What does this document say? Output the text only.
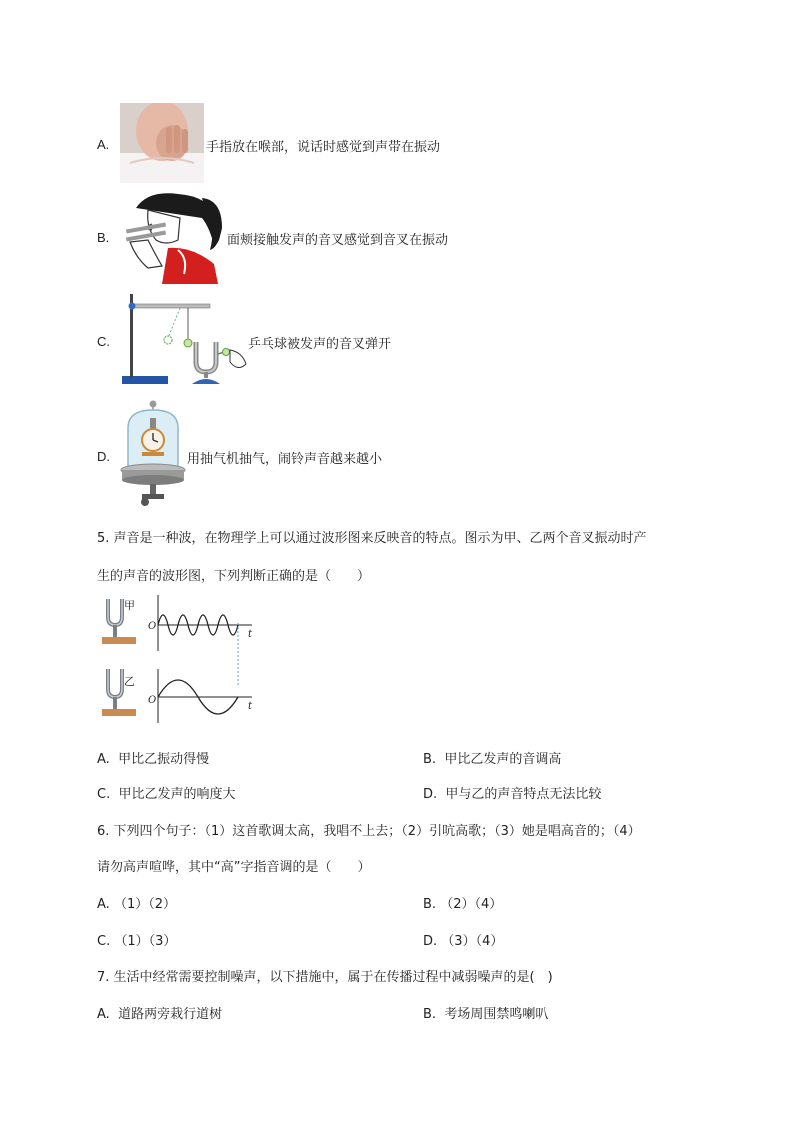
A.	手指放在喉部，说话时感觉到声带在振动
B.	面颊接触发声的音叉感觉到音叉在振动
C.	乒乓球被发声的音叉弹开
D.	用抽气机抽气，闹铃声音越来越小
5. 声音是一种波，在物理学上可以通过波形图来反映音的特点。图示为甲、乙两个音叉振动时产
生的声音的波形图，下列判断正确的是（　　）
甲
O
t
乙
O
t
A. 甲比乙振动得慢	B. 甲比乙发声的音调高
C. 甲比乙发声的响度大	D. 甲与乙的声音特点无法比较
6. 下列四个句子：（1）这首歌调太高，我唱不上去；（2）引吭高歌；（3）她是唱高音的；（4）
请勿高声喧哗，其中“高”字指音调的是（　　）
A. （1）（2）	B. （2）（4）
C. （1）（3）	D. （3）（4）
7. 生活中经常需要控制噪声，以下措施中，属于在传播过程中减弱噪声的是(　)
A. 道路两旁栽行道树	B. 考场周围禁鸣喇叭
